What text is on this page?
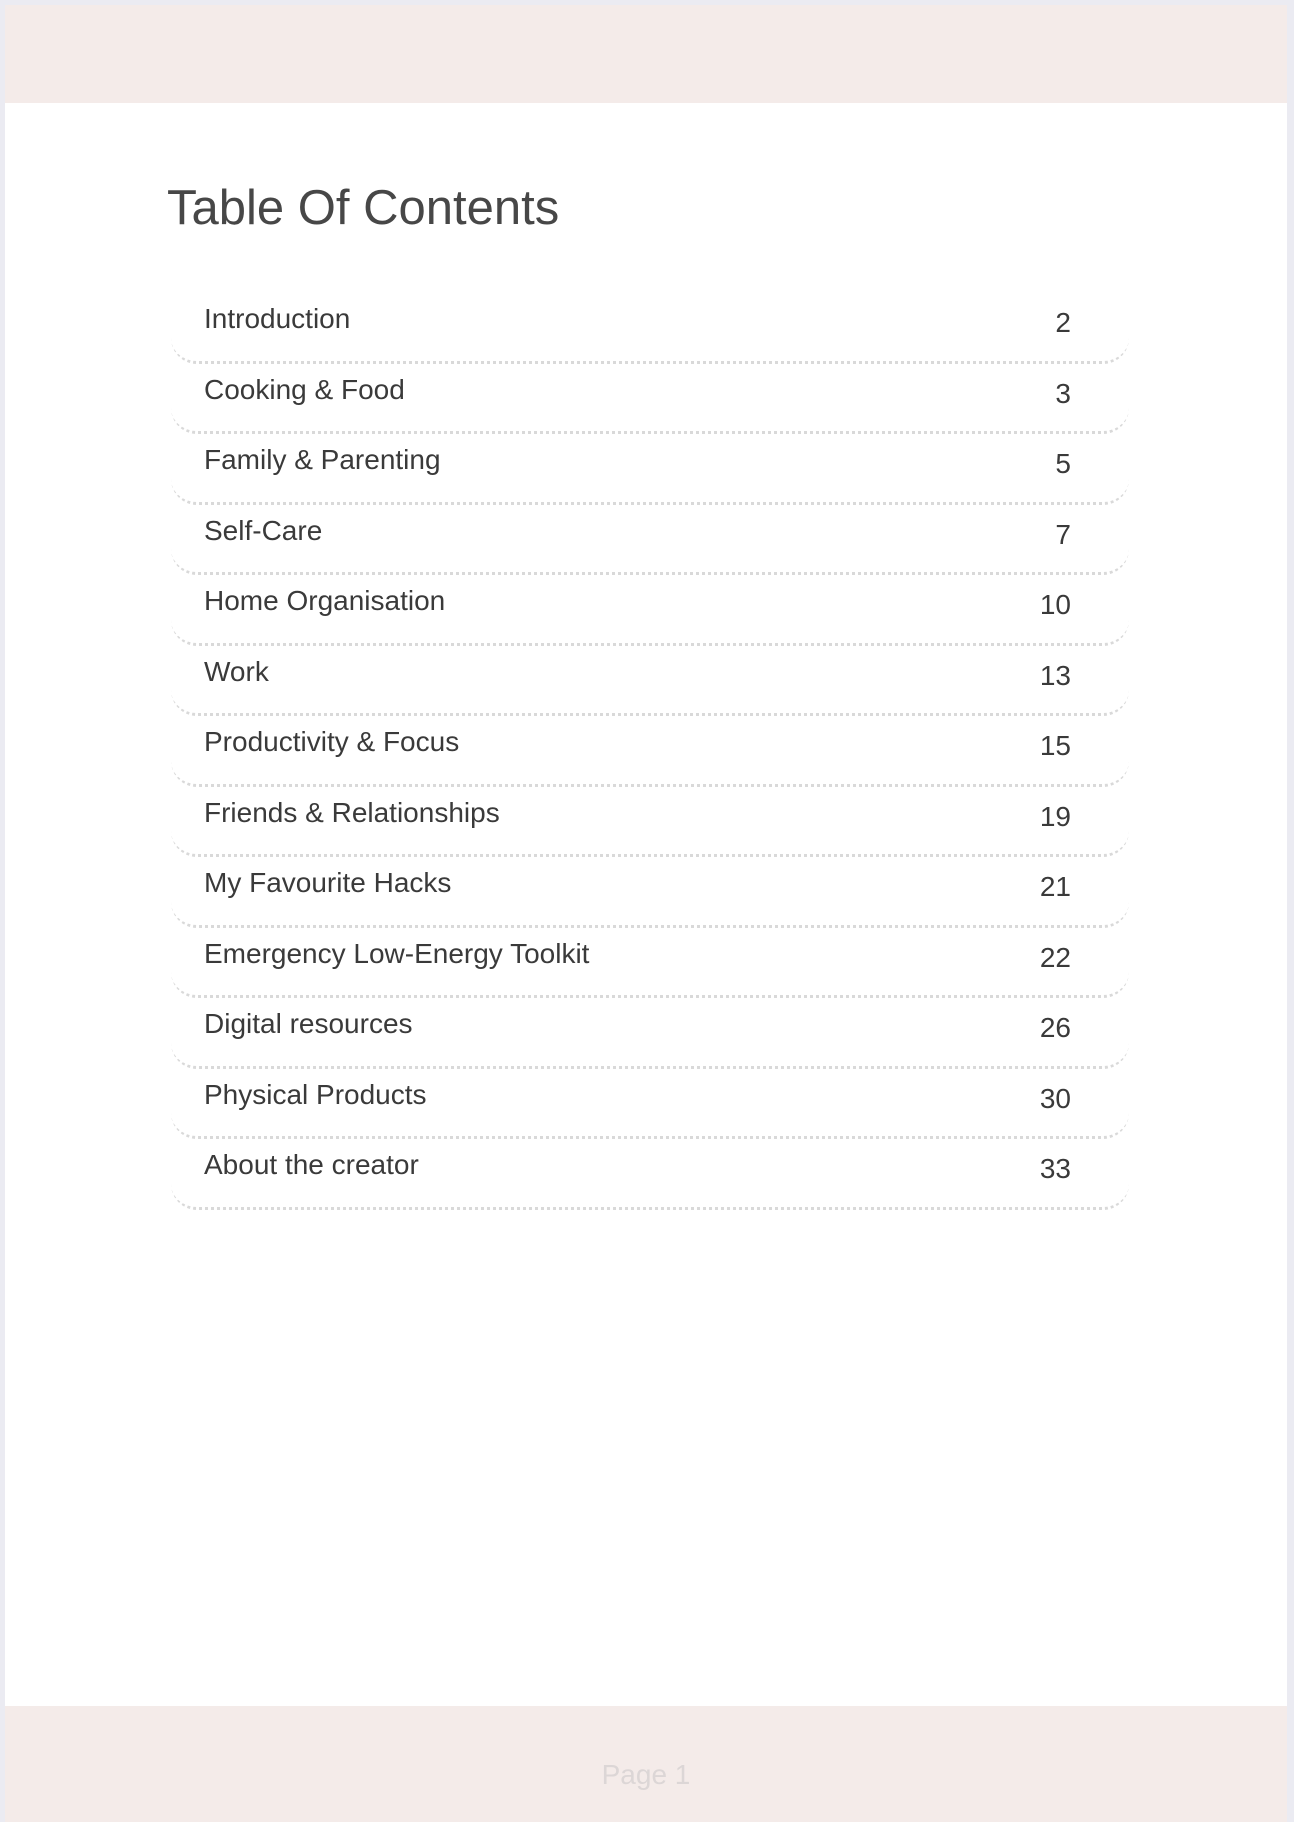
Table Of Contents
Introduction	2
Cooking & Food	3
Family & Parenting	5
Self-Care	7
Home Organisation	10
Work	13
Productivity & Focus	15
Friends & Relationships	19
My Favourite Hacks	21
Emergency Low-Energy Toolkit	22
Digital resources	26
Physical Products	30
About the creator	33
Page 1
